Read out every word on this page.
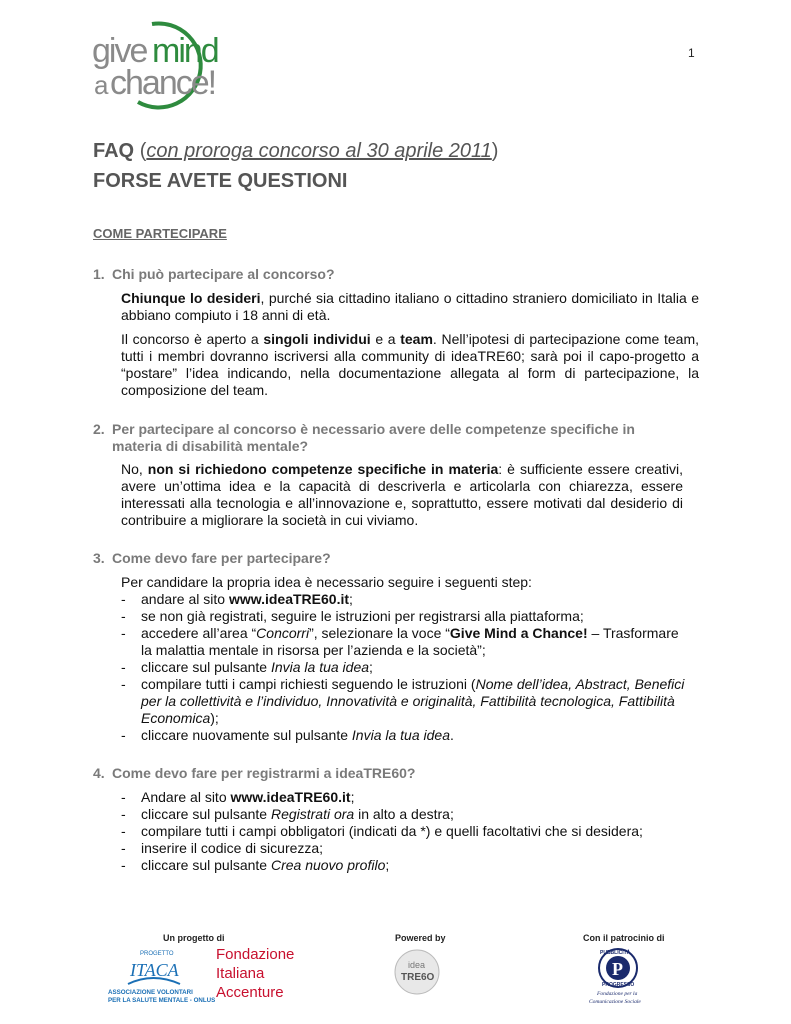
give mind
a chance!
1
FAQ (con proroga concorso al 30 aprile 2011)
FORSE AVETE QUESTIONI
COME PARTECIPARE
1. Chi può partecipare al concorso?
Chiunque lo desideri, purché sia cittadino italiano o cittadino straniero domiciliato in Italia e abbiano compiuto i 18 anni di età.
Il concorso è aperto a singoli individui e a team. Nell’ipotesi di partecipazione come team, tutti i membri dovranno iscriversi alla community di ideaTRE60; sarà poi il capo-progetto a “postare” l’idea indicando, nella documentazione allegata al form di partecipazione, la composizione del team.
2. Per partecipare al concorso è necessario avere delle competenze specifiche in materia di disabilità mentale?
No, non si richiedono competenze specifiche in materia: è sufficiente essere creativi, avere un’ottima idea e la capacità di descriverla e articolarla con chiarezza, essere interessati alla tecnologia e all’innovazione e, soprattutto, essere motivati dal desiderio di contribuire a migliorare la società in cui viviamo.
3. Come devo fare per partecipare?
Per candidare la propria idea è necessario seguire i seguenti step:
- andare al sito www.ideaTRE60.it;
- se non già registrati, seguire le istruzioni per registrarsi alla piattaforma;
- accedere all’area “Concorri”, selezionare la voce “Give Mind a Chance! – Trasformare la malattia mentale in risorsa per l’azienda e la società”;
- cliccare sul pulsante Invia la tua idea;
- compilare tutti i campi richiesti seguendo le istruzioni (Nome dell’idea, Abstract, Benefici per la collettività e l’individuo, Innovatività e originalità, Fattibilità tecnologica, Fattibilità Economica);
- cliccare nuovamente sul pulsante Invia la tua idea.
4. Come devo fare per registrarmi a ideaTRE60?
- Andare al sito www.ideaTRE60.it;
- cliccare sul pulsante Registrati ora in alto a destra;
- compilare tutti i campi obbligatori (indicati da *) e quelli facoltativi che si desidera;
- inserire il codice di sicurezza;
- cliccare sul pulsante Crea nuovo profilo;
Un progetto di	Powered by	Con il patrocinio di
PROGETTO
ITACA
ASSOCIAZIONE VOLONTARI
PER LA SALUTE MENTALE - ONLUS
Fondazione
Italiana
Accenture
idea
TRE6O	P
PUBBLICITÀ
PROGRESSO
Fondazione per la
Comunicazione Sociale
